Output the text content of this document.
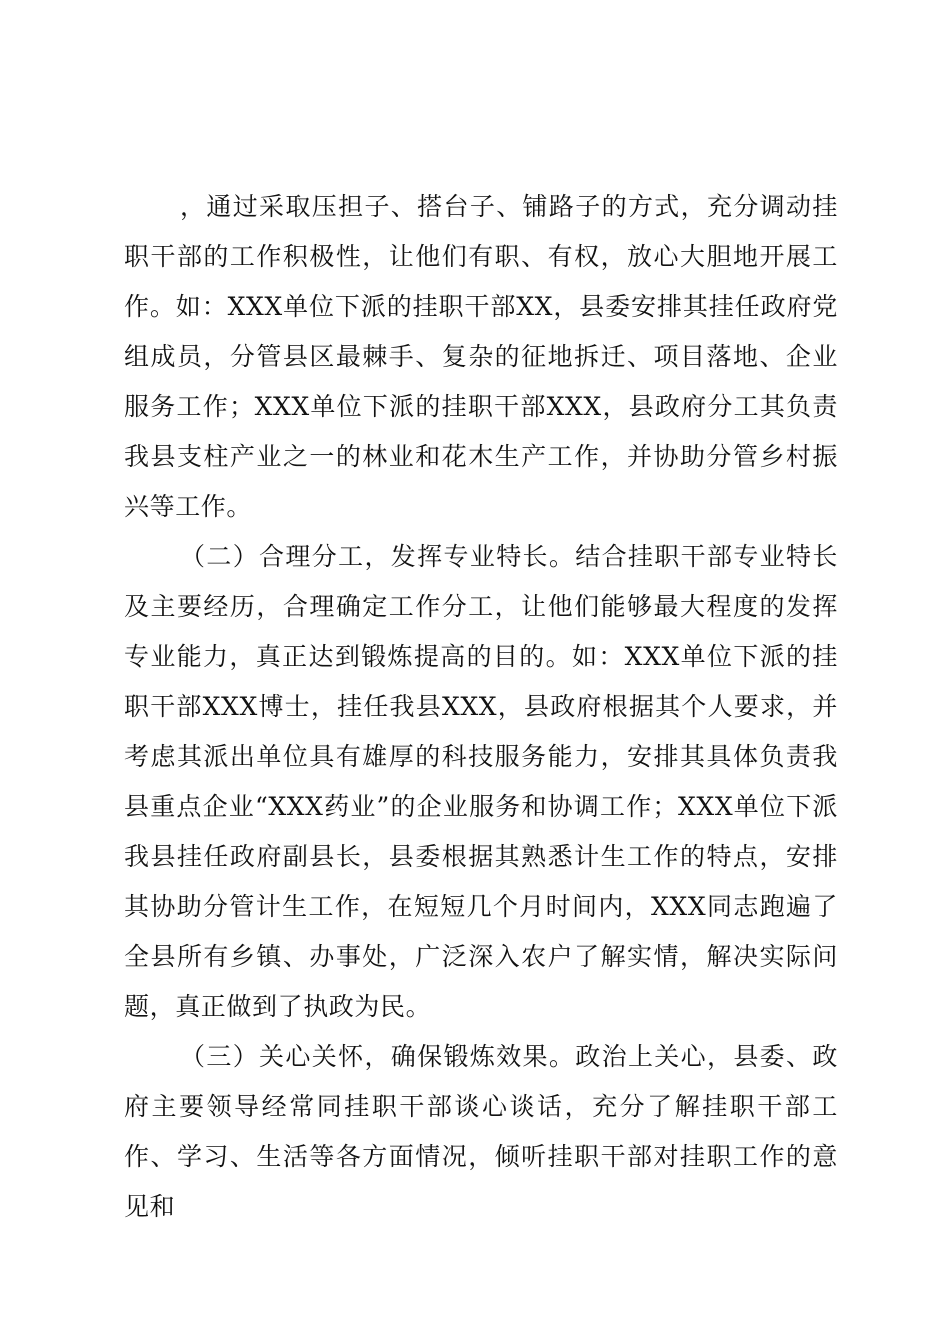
，通过采取压担子、搭台子、铺路子的方式，充分调动挂职干部的工作积极性，让他们有职、有权，放心大胆地开展工作。如：XXX单位下派的挂职干部XX，县委安排其挂任政府党组成员，分管县区最棘手、复杂的征地拆迁、项目落地、企业服务工作；XXX单位下派的挂职干部XXX，县政府分工其负责我县支柱产业之一的林业和花木生产工作，并协助分管乡村振兴等工作。

（二）合理分工，发挥专业特长。结合挂职干部专业特长及主要经历，合理确定工作分工，让他们能够最大程度的发挥专业能力，真正达到锻炼提高的目的。如：XXX单位下派的挂职干部XXX博士，挂任我县XXX，县政府根据其个人要求，并考虑其派出单位具有雄厚的科技服务能力，安排其具体负责我县重点企业“XXX药业”的企业服务和协调工作；XXX单位下派我县挂任政府副县长，县委根据其熟悉计生工作的特点，安排其协助分管计生工作，在短短几个月时间内，XXX同志跑遍了全县所有乡镇、办事处，广泛深入农户了解实情，解决实际问题，真正做到了执政为民。

（三）关心关怀，确保锻炼效果。政治上关心，县委、政府主要领导经常同挂职干部谈心谈话，充分了解挂职干部工作、学习、生活等各方面情况，倾听挂职干部对挂职工作的意见和
